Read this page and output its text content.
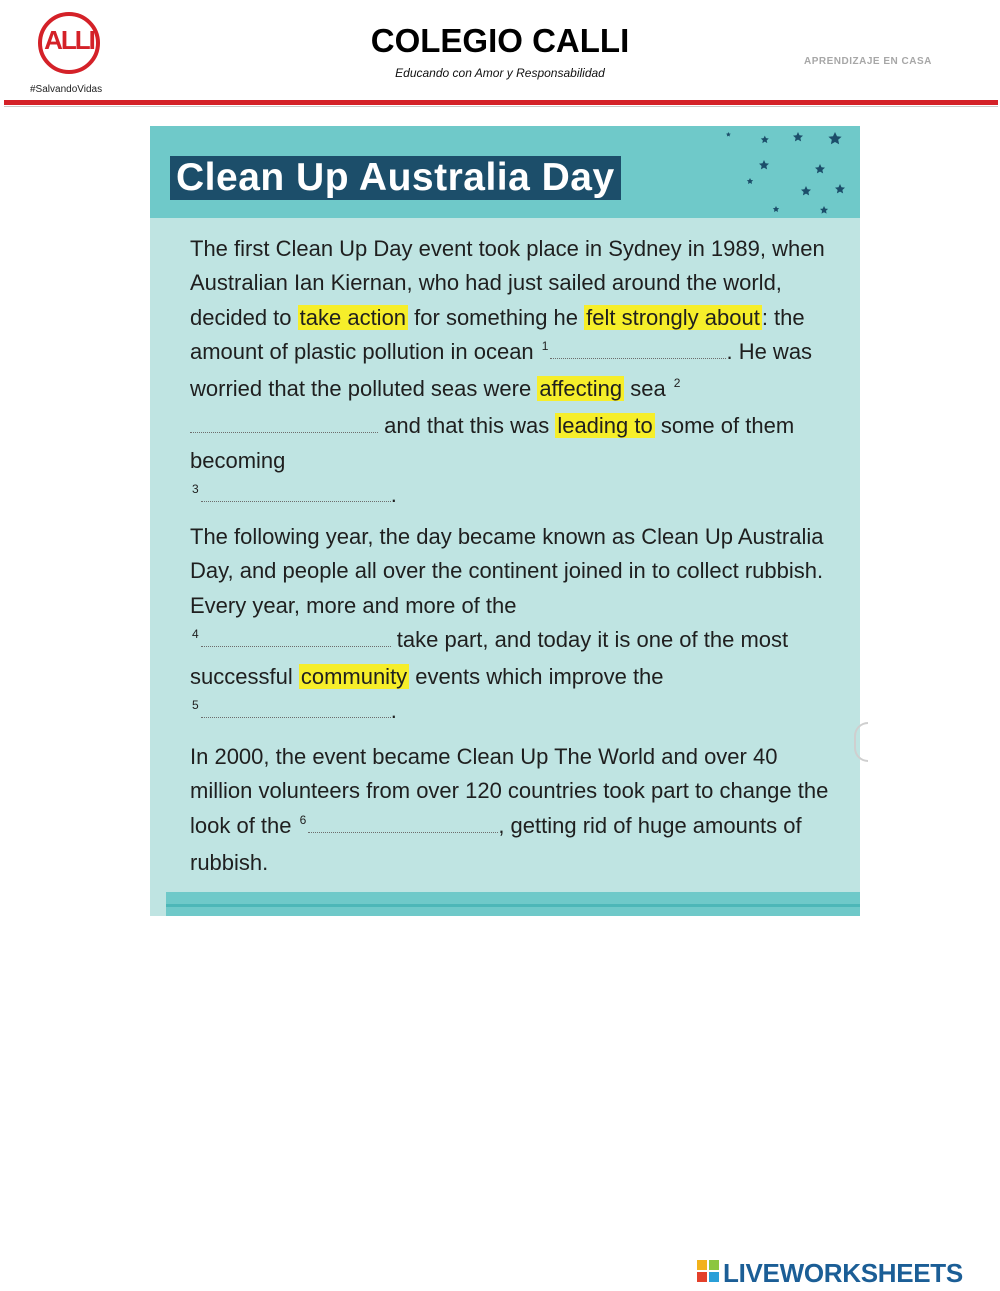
ALLI
#SalvandoVidas
COLEGIO CALLI
Educando con Amor y Responsabilidad
APRENDIZAJE EN CASA
Clean Up Australia Day
The first Clean Up Day event took place in Sydney in 1989, when Australian Ian Kiernan, who had just sailed around the world, decided to take action for something he felt strongly about: the amount of plastic pollution in ocean $^1$	. He was worried that the polluted seas were affecting sea $^2$ and that this was leading to some of them becoming
$^3$	.
The following year, the day became known as Clean Up Australia Day, and people all over the continent joined in to collect rubbish. Every year, more and more of the
$^4$	take part, and today it is one of the most successful community events which improve the
$^5$	.
In 2000, the event became Clean Up The World and over 40 million volunteers from over 120 countries took part to change the look of the $^6$	, getting rid of huge amounts of rubbish.
LIVEWORKSHEETS
